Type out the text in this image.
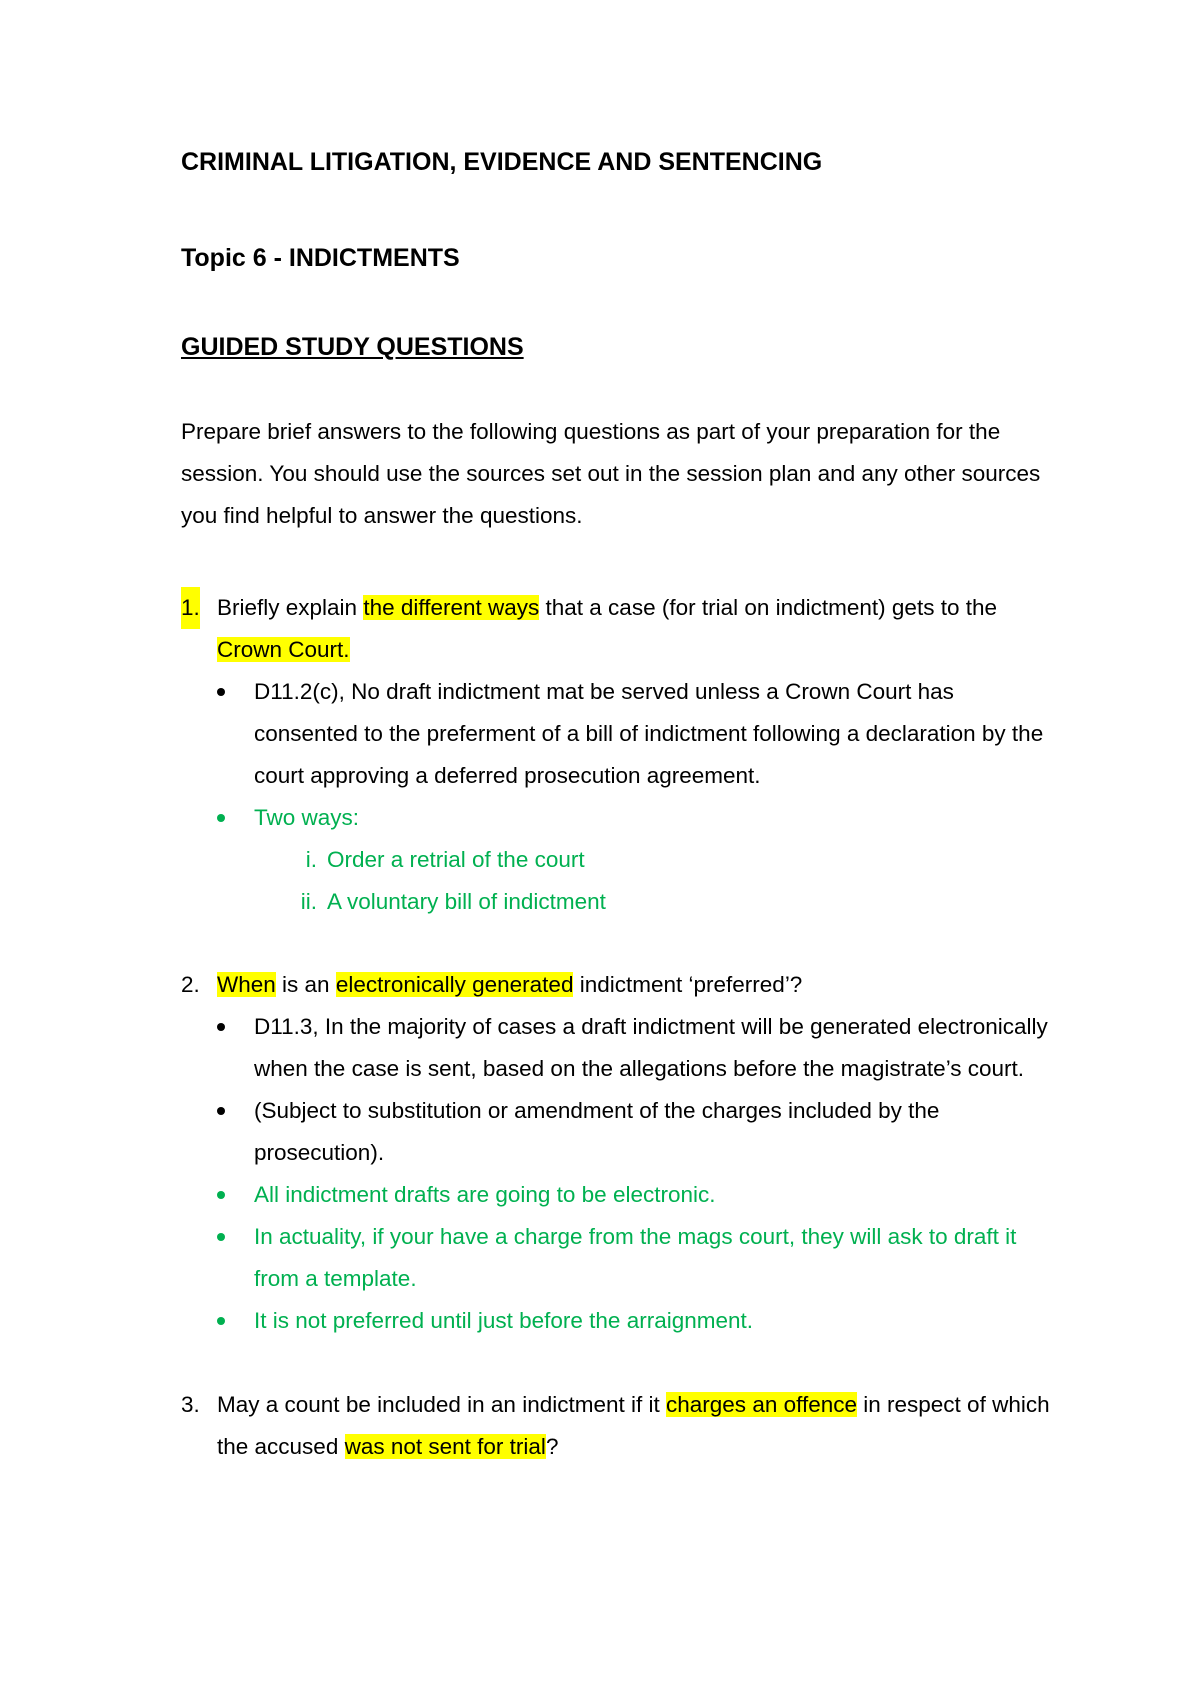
CRIMINAL LITIGATION, EVIDENCE AND SENTENCING

Topic 6 - INDICTMENTS

GUIDED STUDY QUESTIONS

Prepare brief answers to the following questions as part of your preparation for the session. You should use the sources set out in the session plan and any other sources you find helpful to answer the questions.

1. Briefly explain the different ways that a case (for trial on indictment) gets to the Crown Court.
D11.2(c), No draft indictment mat be served unless a Crown Court has consented to the preferment of a bill of indictment following a declaration by the court approving a deferred prosecution agreement.
Two ways:
i. Order a retrial of the court
ii. A voluntary bill of indictment
2. When is an electronically generated indictment ‘preferred’?
D11.3, In the majority of cases a draft indictment will be generated electronically when the case is sent, based on the allegations before the magistrate’s court.
(Subject to substitution or amendment of the charges included by the prosecution).
All indictment drafts are going to be electronic.
In actuality, if your have a charge from the mags court, they will ask to draft it from a template.
It is not preferred until just before the arraignment.
3. May a count be included in an indictment if it charges an offence in respect of which the accused was not sent for trial?
